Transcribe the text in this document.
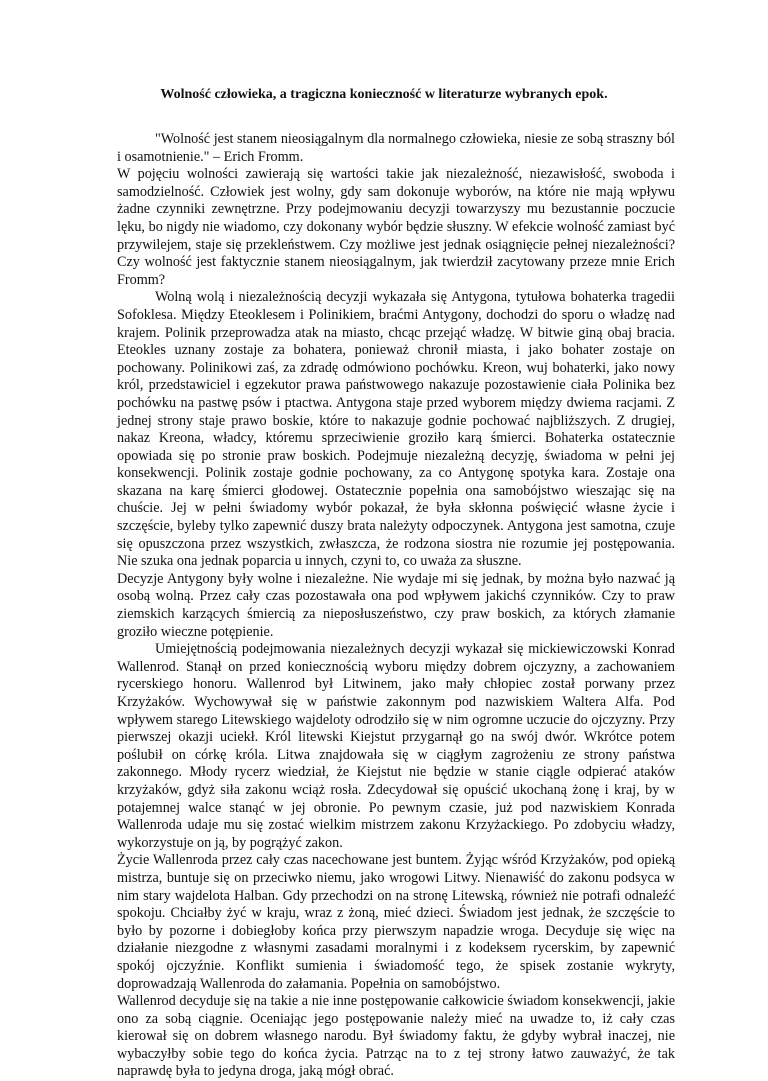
Wolność człowieka, a tragiczna konieczność w literaturze wybranych epok.

"Wolność jest stanem nieosiągalnym dla normalnego człowieka, niesie ze sobą straszny ból i osamotnienie." – Erich Fromm.

W pojęciu wolności zawierają się wartości takie jak niezależność, niezawisłość, swoboda i samodzielność. Człowiek jest wolny, gdy sam dokonuje wyborów, na które nie mają wpływu żadne czynniki zewnętrzne. Przy podejmowaniu decyzji towarzyszy mu bezustannie poczucie lęku, bo nigdy nie wiadomo, czy dokonany wybór będzie słuszny. W efekcie wolność zamiast być przywilejem, staje się przekleństwem. Czy możliwe jest jednak osiągnięcie pełnej niezależności? Czy wolność jest faktycznie stanem nieosiągalnym, jak twierdził zacytowany przeze mnie Erich Fromm?

Wolną wolą i niezależnością decyzji wykazała się Antygona, tytułowa bohaterka tragedii Sofoklesa. Między Eteoklesem i Polinikiem, braćmi Antygony, dochodzi do sporu o władzę nad krajem. Polinik przeprowadza atak na miasto, chcąc przejąć władzę. W bitwie giną obaj bracia. Eteokles uznany zostaje za bohatera, ponieważ chronił miasta, i jako bohater zostaje on pochowany. Polinikowi zaś, za zdradę odmówiono pochówku. Kreon, wuj bohaterki, jako nowy król, przedstawiciel i egzekutor prawa państwowego nakazuje pozostawienie ciała Polinika bez pochówku na pastwę psów i ptactwa. Antygona staje przed wyborem między dwiema racjami. Z jednej strony staje prawo boskie, które to nakazuje godnie pochować najbliższych. Z drugiej, nakaz Kreona, władcy, któremu sprzeciwienie groziło karą śmierci. Bohaterka ostatecznie opowiada się po stronie praw boskich. Podejmuje niezależną decyzję, świadoma w pełni jej konsekwencji. Polinik zostaje godnie pochowany, za co Antygonę spotyka kara. Zostaje ona skazana na karę śmierci głodowej. Ostatecznie popełnia ona samobójstwo wieszając się na chuście. Jej w pełni świadomy wybór pokazał, że była skłonna poświęcić własne życie i szczęście, byleby tylko zapewnić duszy brata należyty odpoczynek. Antygona jest samotna, czuje się opuszczona przez wszystkich, zwłaszcza, że rodzona siostra nie rozumie jej postępowania. Nie szuka ona jednak poparcia u innych, czyni to, co uważa za słuszne.

Decyzje Antygony były wolne i niezależne. Nie wydaje mi się jednak, by można było nazwać ją osobą wolną. Przez cały czas pozostawała ona pod wpływem jakichś czynników. Czy to praw ziemskich karzących śmiercią za nieposłuszeństwo, czy praw boskich, za których złamanie groziło wieczne potępienie.

Umiejętnością podejmowania niezależnych decyzji wykazał się mickiewiczowski Konrad Wallenrod. Stanął on przed koniecznością wyboru między dobrem ojczyzny, a zachowaniem rycerskiego honoru. Wallenrod był Litwinem, jako mały chłopiec został porwany przez Krzyżaków. Wychowywał się w państwie zakonnym pod nazwiskiem Waltera Alfa. Pod wpływem starego Litewskiego wajdeloty odrodziło się w nim ogromne uczucie do ojczyzny. Przy pierwszej okazji uciekł. Król litewski Kiejstut przygarnął go na swój dwór. Wkrótce potem poślubił on córkę króla. Litwa znajdowała się w ciągłym zagrożeniu ze strony państwa zakonnego. Młody rycerz wiedział, że Kiejstut nie będzie w stanie ciągle odpierać ataków krzyżaków, gdyż siła zakonu wciąż rosła. Zdecydował się opuścić ukochaną żonę i kraj, by w potajemnej walce stanąć w jej obronie. Po pewnym czasie, już pod nazwiskiem Konrada Wallenroda udaje mu się zostać wielkim mistrzem zakonu Krzyżackiego. Po zdobyciu władzy, wykorzystuje on ją, by pogrążyć zakon.

Życie Wallenroda przez cały czas nacechowane jest buntem. Żyjąc wśród Krzyżaków, pod opieką mistrza, buntuje się on przeciwko niemu, jako wrogowi Litwy. Nienawiść do zakonu podsyca w nim stary wajdelota Halban. Gdy przechodzi on na stronę Litewską, również nie potrafi odnaleźć spokoju. Chciałby żyć w kraju, wraz z żoną, mieć dzieci. Świadom jest jednak, że szczęście to było by pozorne i dobiegłoby końca przy pierwszym napadzie wroga. Decyduje się więc na działanie niezgodne z własnymi zasadami moralnymi i z kodeksem rycerskim, by zapewnić spokój ojczyźnie. Konflikt sumienia i świadomość tego, że spisek zostanie wykryty, doprowadzają Wallenroda do załamania. Popełnia on samobójstwo.

Wallenrod decyduje się na takie a nie inne postępowanie całkowicie świadom konsekwencji, jakie ono za sobą ciągnie. Oceniając jego postępowanie należy mieć na uwadze to, iż cały czas kierował się on dobrem własnego narodu. Był świadomy faktu, że gdyby wybrał inaczej, nie wybaczyłby sobie tego do końca życia. Patrząc na to z tej strony łatwo zauważyć, że tak naprawdę była to jedyna droga, jaką mógł obrać.
